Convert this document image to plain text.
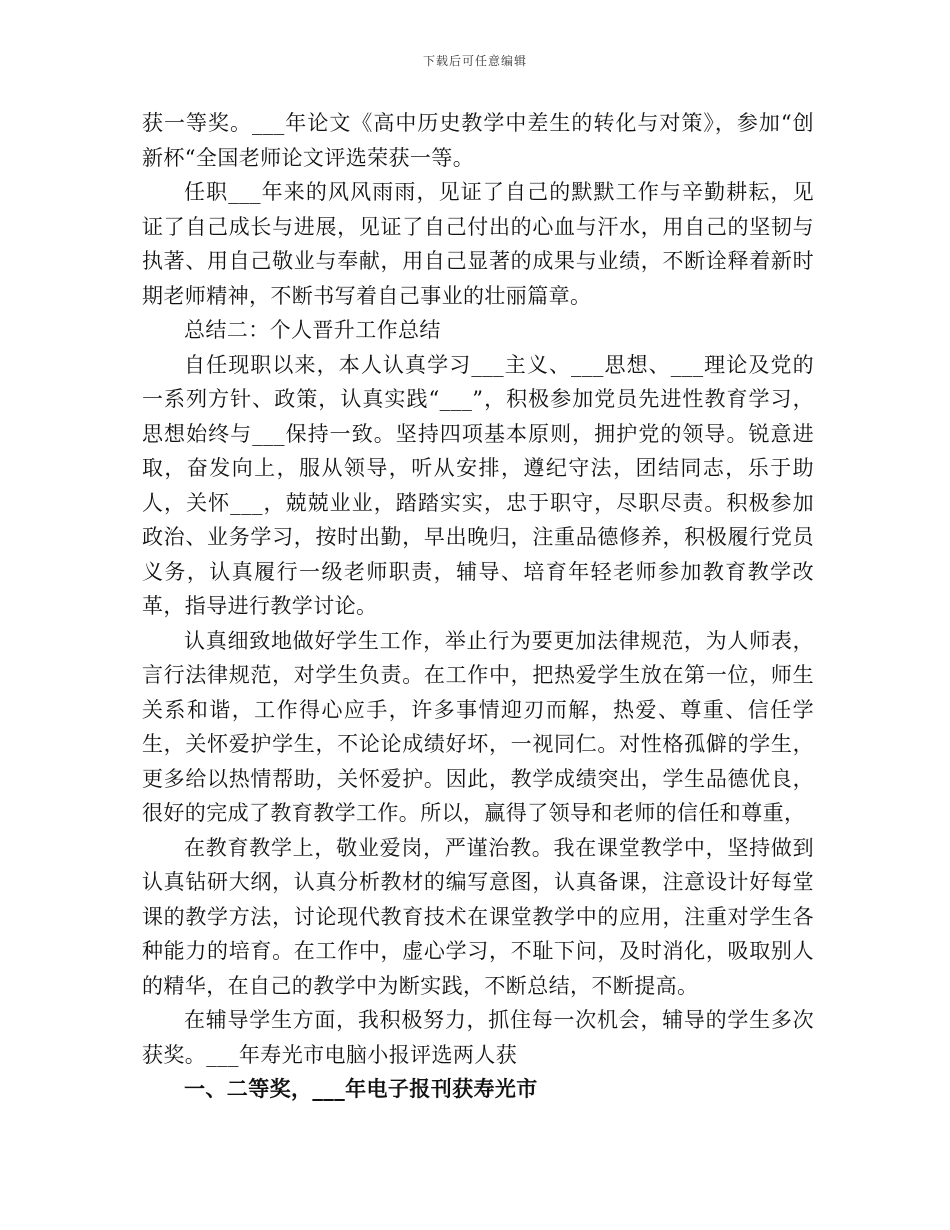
下载后可任意编辑

获一等奖。___年论文《高中历史教学中差生的转化与对策》，参加“创新杯“全国老师论文评选荣获一等。

任职___年来的风风雨雨，见证了自己的默默工作与辛勤耕耘，见证了自己成长与进展，见证了自己付出的心血与汗水，用自己的坚韧与执著、用自己敬业与奉献，用自己显著的成果与业绩，不断诠释着新时期老师精神，不断书写着自己事业的壮丽篇章。

总结二：个人晋升工作总结

自任现职以来，本人认真学习___主义、___思想、___理论及党的一系列方针、政策，认真实践“___”，积极参加党员先进性教育学习，思想始终与___保持一致。坚持四项基本原则，拥护党的领导。锐意进取，奋发向上，服从领导，听从安排，遵纪守法，团结同志，乐于助人，关怀___，兢兢业业，踏踏实实，忠于职守，尽职尽责。积极参加政治、业务学习，按时出勤，早出晚归，注重品德修养，积极履行党员义务，认真履行一级老师职责，辅导、培育年轻老师参加教育教学改革，指导进行教学讨论。

认真细致地做好学生工作，举止行为要更加法律规范，为人师表，言行法律规范，对学生负责。在工作中，把热爱学生放在第一位，师生关系和谐，工作得心应手，许多事情迎刃而解，热爱、尊重、信任学生，关怀爱护学生，不论论成绩好坏，一视同仁。对性格孤僻的学生，更多给以热情帮助，关怀爱护。因此，教学成绩突出，学生品德优良，很好的完成了教育教学工作。所以，赢得了领导和老师的信任和尊重，

在教育教学上，敬业爱岗，严谨治教。我在课堂教学中，坚持做到认真钻研大纲，认真分析教材的编写意图，认真备课，注意设计好每堂课的教学方法，讨论现代教育技术在课堂教学中的应用，注重对学生各种能力的培育。在工作中，虚心学习，不耻下问，及时消化，吸取别人的精华，在自己的教学中为断实践，不断总结，不断提高。

在辅导学生方面，我积极努力，抓住每一次机会，辅导的学生多次获奖。___年寿光市电脑小报评选两人获

一、二等奖，___年电子报刊获寿光市
